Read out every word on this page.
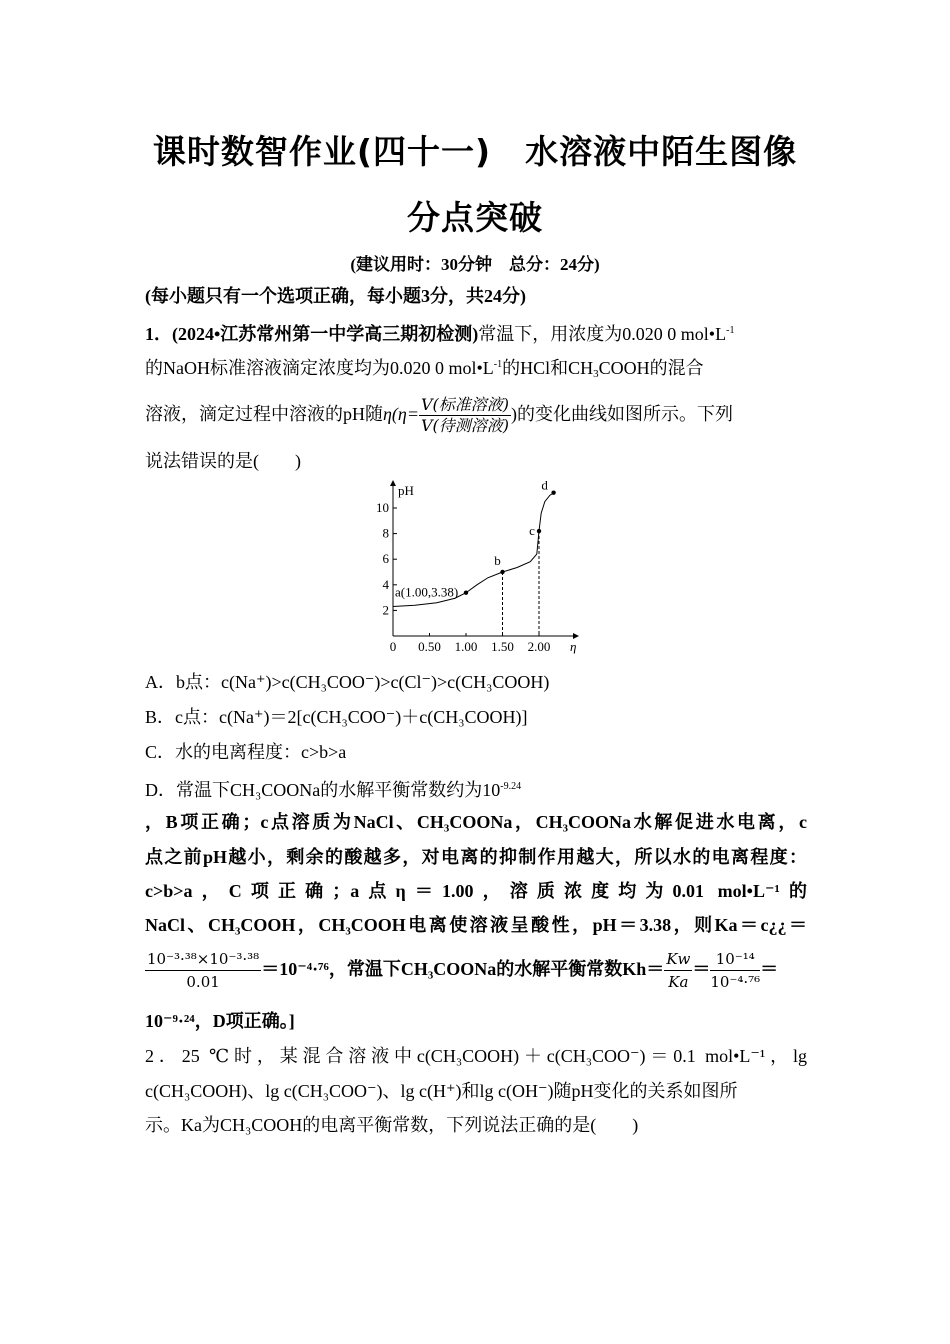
课时数智作业(四十一)　水溶液中陌生图像
分点突破
(建议用时：30分钟　总分：24分)
(每小题只有一个选项正确，每小题3分，共24分)
1．(2024•江苏常州第一中学高三期初检测)常温下，用浓度为0.020 0 $mol•L^{-1}$
的NaOH标准溶液滴定浓度均为0.020 0 $mol•L^{-1}$的HCl和$CH_3COOH$的混合
溶液，滴定过程中溶液的pH随$\eta(\eta= \frac{\text{V(标准溶液)}}{\text{V(待测溶液)}}$ )的变化曲线如图所示。下列
说法错误的是(　　)
pH
η
0 0.50 1.00 1.50 2.00
2
4
6
8
10
a(1.00,3.38)
b
c
d
A．b点：c(Na⁺)>c(CH₃COO⁻)>c(Cl⁻)>c(CH₃COOH)
B．c点：c(Na⁺)＝2[c(CH₃COO⁻)＋c(CH₃COOH)]
C．水的电离程度：c>b>a
D．常温下CH₃COONa的水解平衡常数约为$10^{-9.24}$
，B项正确；c点溶质为NaCl、CH₃COONa，CH₃COONa水解促进水电离，c
点之前pH越小，剩余的酸越多，对电离的抑制作用越大，所以水的电离程度：
c>b>a，C项正确；a点η＝1.00，溶质浓度均为0.01 mol•L⁻¹的
NaCl、CH₃COOH，CH₃COOH电离使溶液呈酸性，pH＝3.38，则Ka＝c¿¿＝
$\frac{\text{10⁻³·³⁸×10⁻³·³⁸}}{0.01} =10^{-4}\cdot^{76}$，常温下CH₃COONa的水解平衡常数$Kh= \frac{Kw}{Ka} = \frac{\text{10⁻¹⁴}}{\text{10⁻⁴·⁷⁶}}$ ＝
10⁻⁹·²⁴，D项正确。]
2．25 ℃时，某混合溶液中c(CH₃COOH)＋c(CH₃COO⁻)＝0.1 mol•L⁻¹，lg
c(CH₃COOH)、lg c(CH₃COO⁻)、lg c(H⁺)和lg c(OH⁻)随pH变化的关系如图所
示。Ka为CH₃COOH的电离平衡常数，下列说法正确的是(　　)
